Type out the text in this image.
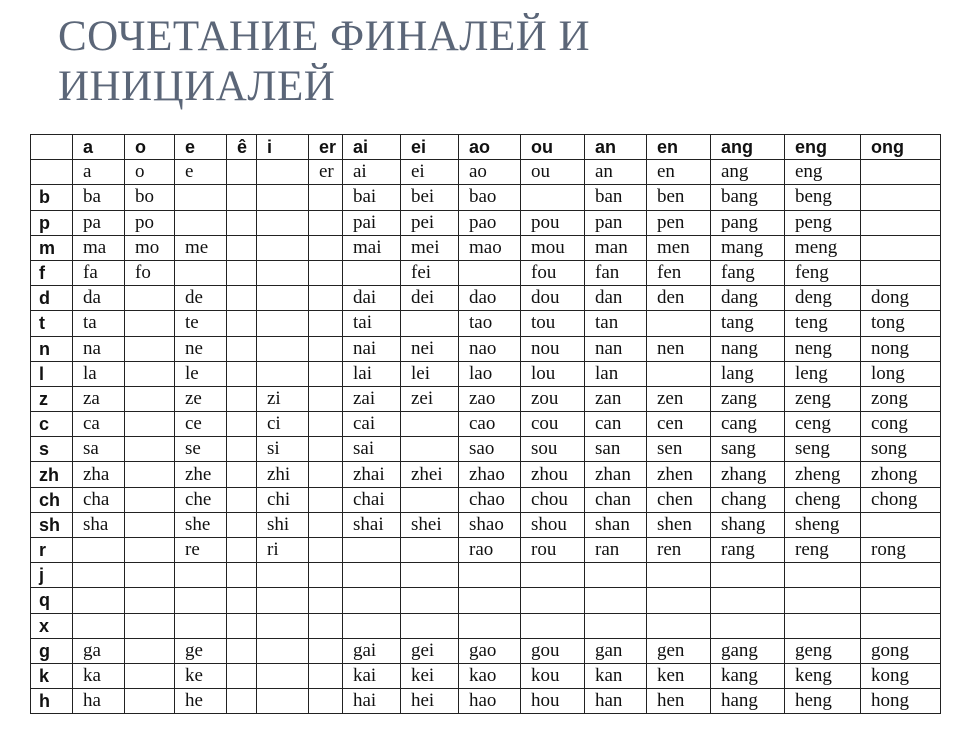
СОЧЕТАНИЕ ФИНАЛЕЙ И
ИНИЦИАЛЕЙ
	a	o	e	ê	i	er	ai	ei	ao	ou	an	en	ang	eng	ong
	a	o	e			er	ai	ei	ao	ou	an	en	ang	eng	
b	ba	bo					bai	bei	bao		ban	ben	bang	beng	
p	pa	po					pai	pei	pao	pou	pan	pen	pang	peng	
m	ma	mo	me				mai	mei	mao	mou	man	men	mang	meng	
f	fa	fo						fei		fou	fan	fen	fang	feng	
d	da		de				dai	dei	dao	dou	dan	den	dang	deng	dong
t	ta		te				tai		tao	tou	tan		tang	teng	tong
n	na		ne				nai	nei	nao	nou	nan	nen	nang	neng	nong
l	la		le				lai	lei	lao	lou	lan		lang	leng	long
z	za		ze		zi		zai	zei	zao	zou	zan	zen	zang	zeng	zong
c	ca		ce		ci		cai		cao	cou	can	cen	cang	ceng	cong
s	sa		se		si		sai		sao	sou	san	sen	sang	seng	song
zh	zha		zhe		zhi		zhai	zhei	zhao	zhou	zhan	zhen	zhang	zheng	zhong
ch	cha		che		chi		chai		chao	chou	chan	chen	chang	cheng	chong
sh	sha		she		shi		shai	shei	shao	shou	shan	shen	shang	sheng	
r			re		ri				rao	rou	ran	ren	rang	reng	rong
j															
q															
x															
g	ga		ge				gai	gei	gao	gou	gan	gen	gang	geng	gong
k	ka		ke				kai	kei	kao	kou	kan	ken	kang	keng	kong
h	ha		he				hai	hei	hao	hou	han	hen	hang	heng	hong
